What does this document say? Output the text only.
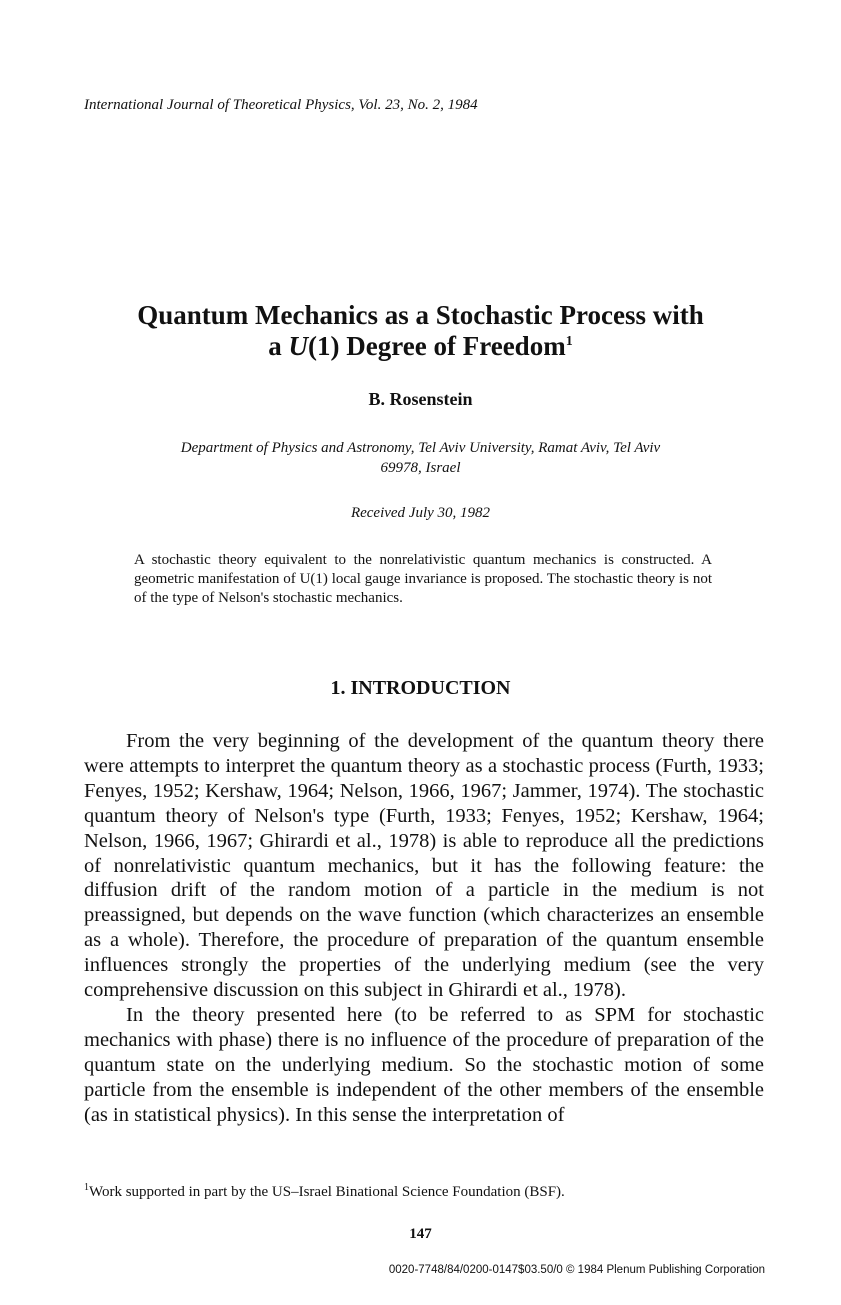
International Journal of Theoretical Physics, Vol. 23, No. 2, 1984
Quantum Mechanics as a Stochastic Process with
a U(1) Degree of Freedom$^1$
B. Rosenstein
Department of Physics and Astronomy, Tel Aviv University, Ramat Aviv, Tel Aviv
69978, Israel
Received July 30, 1982
A stochastic theory equivalent to the nonrelativistic quantum mechanics is constructed. A geometric manifestation of U(1) local gauge invariance is proposed. The stochastic theory is not of the type of Nelson's stochastic mechanics.
1. INTRODUCTION

From the very beginning of the development of the quantum theory there were attempts to interpret the quantum theory as a stochastic process (Furth, 1933; Fenyes, 1952; Kershaw, 1964; Nelson, 1966, 1967; Jammer, 1974). The stochastic quantum theory of Nelson's type (Furth, 1933; Fenyes, 1952; Kershaw, 1964; Nelson, 1966, 1967; Ghirardi et al., 1978) is able to reproduce all the predictions of nonrelativistic quantum mechanics, but it has the following feature: the diffusion drift of the random motion of a particle in the medium is not preassigned, but depends on the wave function (which characterizes an ensemble as a whole). Therefore, the procedure of preparation of the quantum ensemble influences strongly the properties of the underlying medium (see the very comprehensive discussion on this subject in Ghirardi et al., 1978).

In the theory presented here (to be referred to as SPM for stochastic mechanics with phase) there is no influence of the procedure of preparation of the quantum state on the underlying medium. So the stochastic motion of some particle from the ensemble is independent of the other members of the ensemble (as in statistical physics). In this sense the interpretation of

$^1$Work supported in part by the US–Israel Binational Science Foundation (BSF).
147
0020-7748/84/0200-0147$03.50/0 © 1984 Plenum Publishing Corporation
